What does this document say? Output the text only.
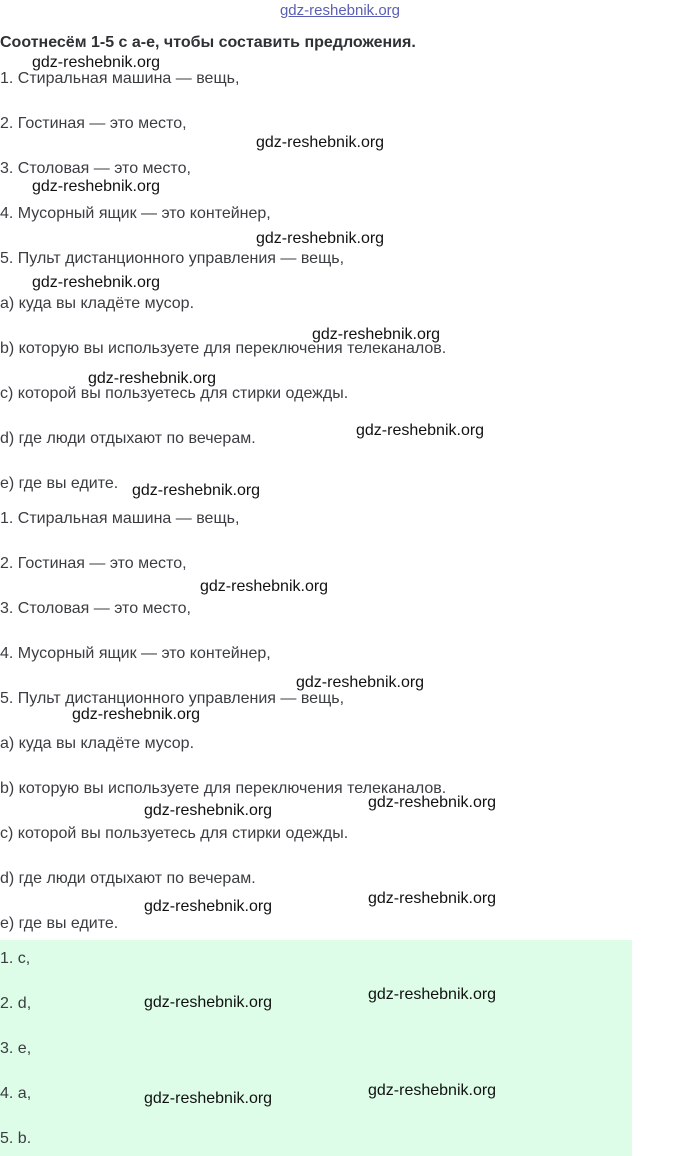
gdz-reshebnik.org
Соотнесём 1-5 с a-e, чтобы составить предложения.
1. Стиральная машина — вещь,
2. Гостиная — это место,
3. Столовая — это место,
4. Мусорный ящик — это контейнер,
5. Пульт дистанционного управления — вещь,
a) куда вы кладёте мусор.
b) которую вы используете для переключения телеканалов.
c) которой вы пользуетесь для стирки одежды.
d) где люди отдыхают по вечерам.
e) где вы едите.
1. Стиральная машина — вещь,
2. Гостиная — это место,
3. Столовая — это место,
4. Мусорный ящик — это контейнер,
5. Пульт дистанционного управления — вещь,
a) куда вы кладёте мусор.
b) которую вы используете для переключения телеканалов.
c) которой вы пользуетесь для стирки одежды.
d) где люди отдыхают по вечерам.
e) где вы едите.
1. c,
2. d,
3. e,
4. a,
5. b.
gdz-reshebnik.org
gdz-reshebnik.org
gdz-reshebnik.org
gdz-reshebnik.org
gdz-reshebnik.org
gdz-reshebnik.org
gdz-reshebnik.org
gdz-reshebnik.org
gdz-reshebnik.org
gdz-reshebnik.org
gdz-reshebnik.org
gdz-reshebnik.org
gdz-reshebnik.org
gdz-reshebnik.org
gdz-reshebnik.org
gdz-reshebnik.org
gdz-reshebnik.org
gdz-reshebnik.org
gdz-reshebnik.org
gdz-reshebnik.org
